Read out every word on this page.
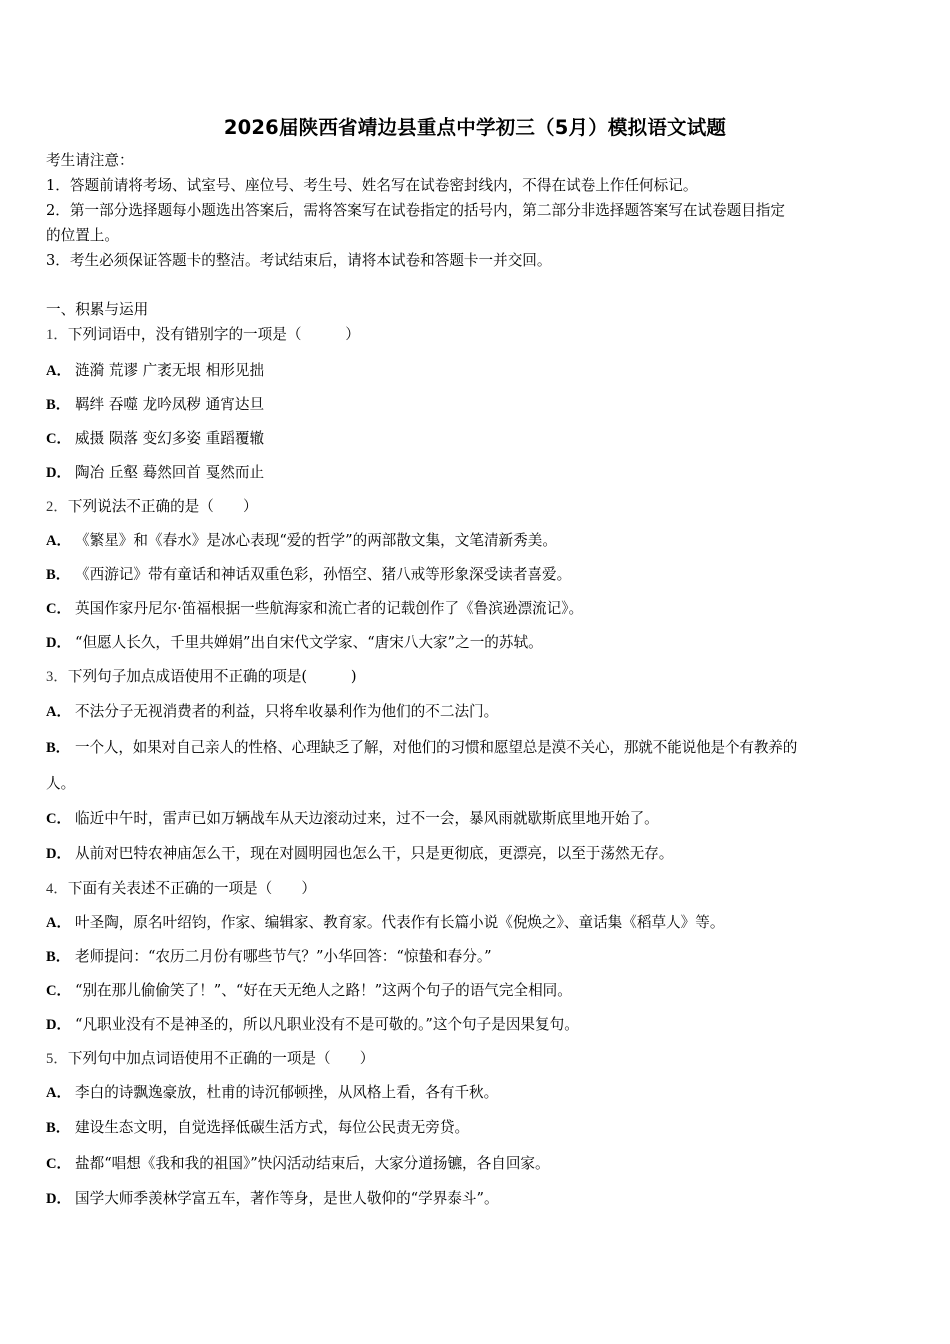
2026届陕西省靖边县重点中学初三（5月）模拟语文试题
考生请注意：
1．答题前请将考场、试室号、座位号、考生号、姓名写在试卷密封线内，不得在试卷上作任何标记。
2．第一部分选择题每小题选出答案后，需将答案写在试卷指定的括号内，第二部分非选择题答案写在试卷题目指定
的位置上。
3．考生必须保证答题卡的整洁。考试结束后，请将本试卷和答题卡一并交回。
一、积累与运用
1．下列词语中，没有错别字的一项是（　　　）
A． 涟漪 荒谬 广袤无垠 相形见拙
B． 羁绊 吞噬 龙吟凤秽 通宵达旦
C． 威摄 陨落 变幻多姿 重蹈覆辙
D． 陶冶 丘壑 蓦然回首 戛然而止
2．下列说法不正确的是（　　）
A． 《繁星》和《春水》是冰心表现“爱的哲学”的两部散文集，文笔清新秀美。
B． 《西游记》带有童话和神话双重色彩，孙悟空、猪八戒等形象深受读者喜爱。
C． 英国作家丹尼尔·笛福根据一些航海家和流亡者的记载创作了《鲁滨逊漂流记》。
D． “但愿人长久，千里共婵娟”出自宋代文学家、“唐宋八大家”之一的苏轼。
3．下列句子加点成语使用不正确的项是(　　　)
A． 不法分子无视消费者的利益，只将牟收暴利作为他们的不二法门。
B． 一个人，如果对自己亲人的性格、心理缺乏了解，对他们的习惯和愿望总是漠不关心，那就不能说他是个有教养的
人。
C． 临近中午时，雷声已如万辆战车从天边滚动过来，过不一会，暴风雨就歇斯底里地开始了。
D． 从前对巴特农神庙怎么干，现在对圆明园也怎么干，只是更彻底，更漂亮，以至于荡然无存。
4．下面有关表述不正确的一项是（　　）
A． 叶圣陶，原名叶绍钧，作家、编辑家、教育家。代表作有长篇小说《倪焕之》、童话集《稻草人》等。
B． 老师提问：“农历二月份有哪些节气？”小华回答：“惊蛰和春分。”
C． “别在那儿偷偷笑了！”、“好在天无绝人之路！”这两个句子的语气完全相同。
D． “凡职业没有不是神圣的，所以凡职业没有不是可敬的。”这个句子是因果复句。
5．下列句中加点词语使用不正确的一项是（　　）
A． 李白的诗飘逸豪放，杜甫的诗沉郁顿挫，从风格上看，各有千秋。
B． 建设生态文明，自觉选择低碳生活方式，每位公民责无旁贷。
C． 盐都“唱想《我和我的祖国》”快闪活动结束后，大家分道扬镳，各自回家。
D． 国学大师季羡林学富五车，著作等身，是世人敬仰的“学界泰斗”。
